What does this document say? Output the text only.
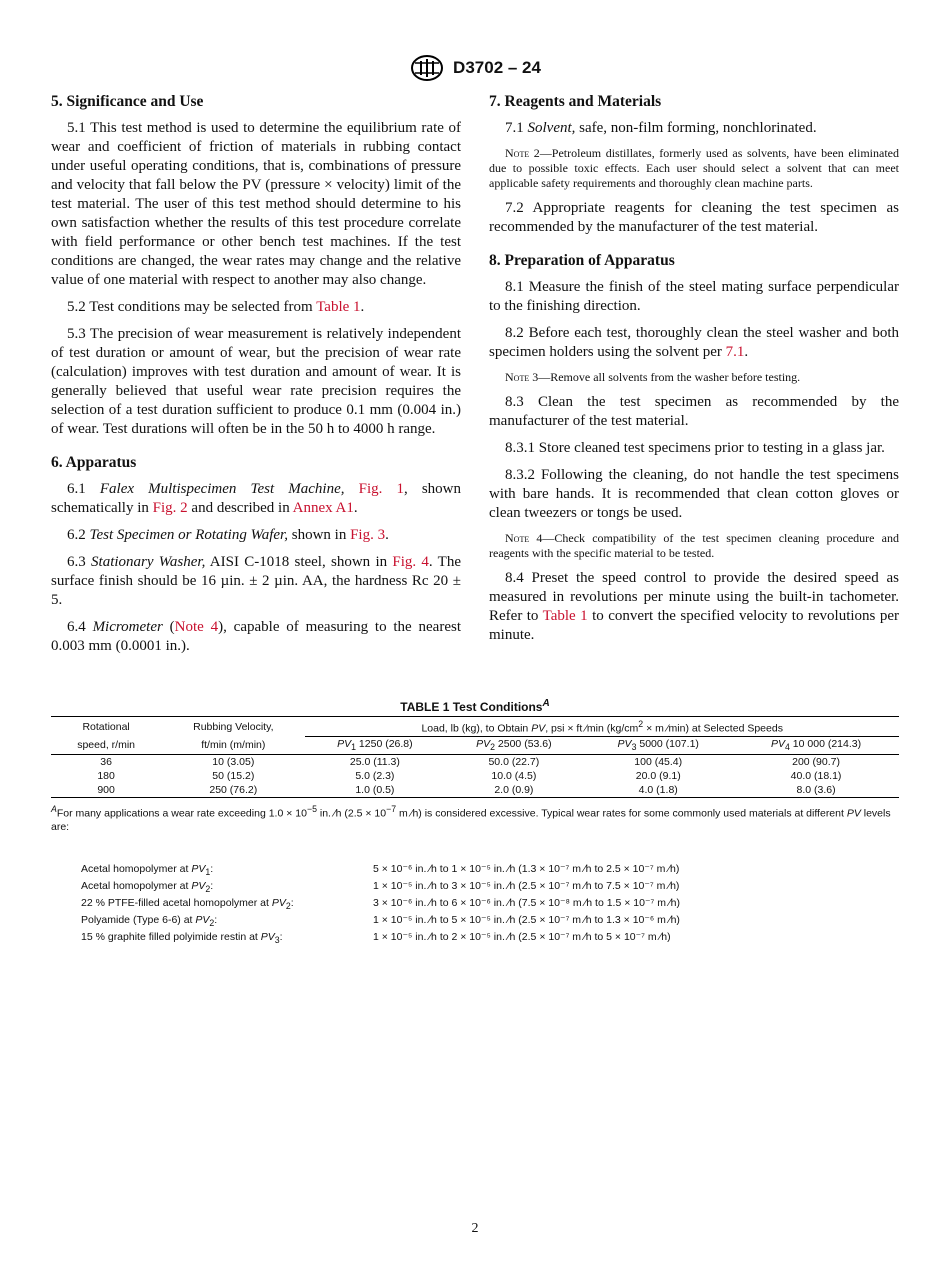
D3702 – 24
5. Significance and Use

5.1 This test method is used to determine the equilibrium rate of wear and coefficient of friction of materials in rubbing contact under useful operating conditions, that is, combinations of pressure and velocity that fall below the PV (pressure × velocity) limit of the test material. The user of this test method should determine to his own satisfaction whether the results of this test procedure correlate with field performance or other bench test machines. If the test conditions are changed, the wear rates may change and the relative value of one material with respect to another may also change.

5.2 Test conditions may be selected from Table 1.

5.3 The precision of wear measurement is relatively independent of test duration or amount of wear, but the precision of wear rate (calculation) improves with test duration and amount of wear. It is generally believed that useful wear rate precision requires the selection of a test duration sufficient to produce 0.1 mm (0.004 in.) of wear. Test durations will often be in the 50 h to 4000 h range.

6. Apparatus

6.1 Falex Multispecimen Test Machine, Fig. 1, shown schematically in Fig. 2 and described in Annex A1.

6.2 Test Specimen or Rotating Wafer, shown in Fig. 3.

6.3 Stationary Washer, AISI C-1018 steel, shown in Fig. 4. The surface finish should be 16 µin. ± 2 µin. AA, the hardness Rc 20 ± 5.

6.4 Micrometer (Note 4), capable of measuring to the nearest 0.003 mm (0.0001 in.).

7. Reagents and Materials

7.1 Solvent, safe, non-film forming, nonchlorinated.

Note 2—Petroleum distillates, formerly used as solvents, have been eliminated due to possible toxic effects. Each user should select a solvent that can meet applicable safety requirements and thoroughly clean machine parts.

7.2 Appropriate reagents for cleaning the test specimen as recommended by the manufacturer of the test material.

8. Preparation of Apparatus

8.1 Measure the finish of the steel mating surface perpendicular to the finishing direction.

8.2 Before each test, thoroughly clean the steel washer and both specimen holders using the solvent per 7.1.

Note 3—Remove all solvents from the washer before testing.

8.3 Clean the test specimen as recommended by the manufacturer of the test material.

8.3.1 Store cleaned test specimens prior to testing in a glass jar.

8.3.2 Following the cleaning, do not handle the test specimens with bare hands. It is recommended that clean cotton gloves or clean tweezers or tongs be used.

Note 4—Check compatibility of the test specimen cleaning procedure and reagents with the specific material to be tested.

8.4 Preset the speed control to provide the desired speed as measured in revolutions per minute using the built-in tachometer. Refer to Table 1 to convert the specified velocity to revolutions per minute.

TABLE 1 Test Conditions$^A$
Rotational	Rubbing Velocity,	Load, lb (kg), to Obtain PV, psi × ft ⁄min ($kg/cm^2 \times m$ ⁄min) at Selected Speeds			
speed, r/min	ft/min (m/min)	$PV_1$ 1250 (26.8)	$PV_2$ 2500 (53.6)	$PV_3$ 5000 (107.1)	$PV_4$ 10 000 (214.3)
36	10 (3.05)	25.0 (11.3)	50.0 (22.7)	100 (45.4)	200 (90.7)
180	50 (15.2)	5.0 (2.3)	10.0 (4.5)	20.0 (9.1)	40.0 (18.1)
900	250 (76.2)	1.0 (0.5)	2.0 (0.9)	4.0 (1.8)	8.0 (3.6)
$^A$For many applications a wear rate exceeding $1.0 \times 10^{-5}$ in. ⁄h ($2.5 \times 10^{-7}$ m ⁄h) is considered excessive. Typical wear rates for some commonly used materials at different PV levels are:
Acetal homopolymer at $PV_1$:	5 × 10⁻⁶ in. ⁄h to 1 × 10⁻⁵ in. ⁄h (1.3 × 10⁻⁷ m ⁄h to 2.5 × 10⁻⁷ m ⁄h)
Acetal homopolymer at $PV_2$:	1 × 10⁻⁵ in. ⁄h to 3 × 10⁻⁵ in. ⁄h (2.5 × 10⁻⁷ m ⁄h to 7.5 × 10⁻⁷ m ⁄h)
22 % PTFE-filled acetal homopolymer at $PV_2$:	3 × 10⁻⁶ in. ⁄h to 6 × 10⁻⁶ in. ⁄h (7.5 × 10⁻⁸ m ⁄h to 1.5 × 10⁻⁷ m ⁄h)
Polyamide (Type 6-6) at $PV_2$:	1 × 10⁻⁵ in. ⁄h to 5 × 10⁻⁵ in. ⁄h (2.5 × 10⁻⁷ m ⁄h to 1.3 × 10⁻⁶ m ⁄h)
15 % graphite filled polyimide restin at $PV_3$:	1 × 10⁻⁵ in. ⁄h to 2 × 10⁻⁵ in. ⁄h (2.5 × 10⁻⁷ m ⁄h to 5 × 10⁻⁷ m ⁄h)
2
